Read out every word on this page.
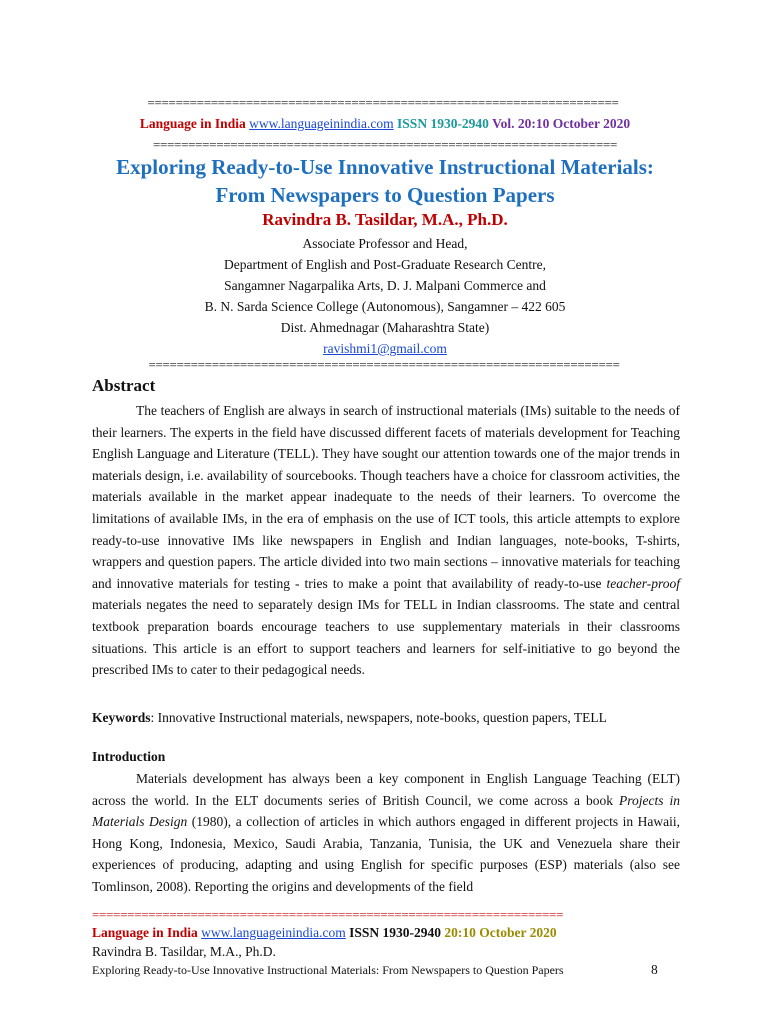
===================================================================
Language in India www.languageinindia.com ISSN 1930-2940 Vol. 20:10 October 2020
==================================================================
Exploring Ready-to-Use Innovative Instructional Materials:
From Newspapers to Question Papers
Ravindra B. Tasildar, M.A., Ph.D.
Associate Professor and Head,
Department of English and Post-Graduate Research Centre,
Sangamner Nagarpalika Arts, D. J. Malpani Commerce and
B. N. Sarda Science College (Autonomous), Sangamner – 422 605
Dist. Ahmednagar (Maharashtra State)
ravishmi1@gmail.com
===================================================================
Abstract
The teachers of English are always in search of instructional materials (IMs) suitable to the needs of their learners. The experts in the field have discussed different facets of materials development for Teaching English Language and Literature (TELL). They have sought our attention towards one of the major trends in materials design, i.e. availability of sourcebooks. Though teachers have a choice for classroom activities, the materials available in the market appear inadequate to the needs of their learners. To overcome the limitations of available IMs, in the era of emphasis on the use of ICT tools, this article attempts to explore ready-to-use innovative IMs like newspapers in English and Indian languages, note-books, T-shirts, wrappers and question papers. The article divided into two main sections – innovative materials for teaching and innovative materials for testing - tries to make a point that availability of ready-to-use teacher-proof materials negates the need to separately design IMs for TELL in Indian classrooms. The state and central textbook preparation boards encourage teachers to use supplementary materials in their classrooms situations. This article is an effort to support teachers and learners for self-initiative to go beyond the prescribed IMs to cater to their pedagogical needs.
Keywords: Innovative Instructional materials, newspapers, note-books, question papers, TELL
Introduction
Materials development has always been a key component in English Language Teaching (ELT) across the world. In the ELT documents series of British Council, we come across a book Projects in Materials Design (1980), a collection of articles in which authors engaged in different projects in Hawaii, Hong Kong, Indonesia, Mexico, Saudi Arabia, Tanzania, Tunisia, the UK and Venezuela share their experiences of producing, adapting and using English for specific purposes (ESP) materials (also see Tomlinson, 2008). Reporting the origins and developments of the field
===================================================================
Language in India www.languageinindia.com ISSN 1930-2940 20:10 October 2020
Ravindra B. Tasildar, M.A., Ph.D.
Exploring Ready-to-Use Innovative Instructional Materials: From Newspapers to Question Papers	8
